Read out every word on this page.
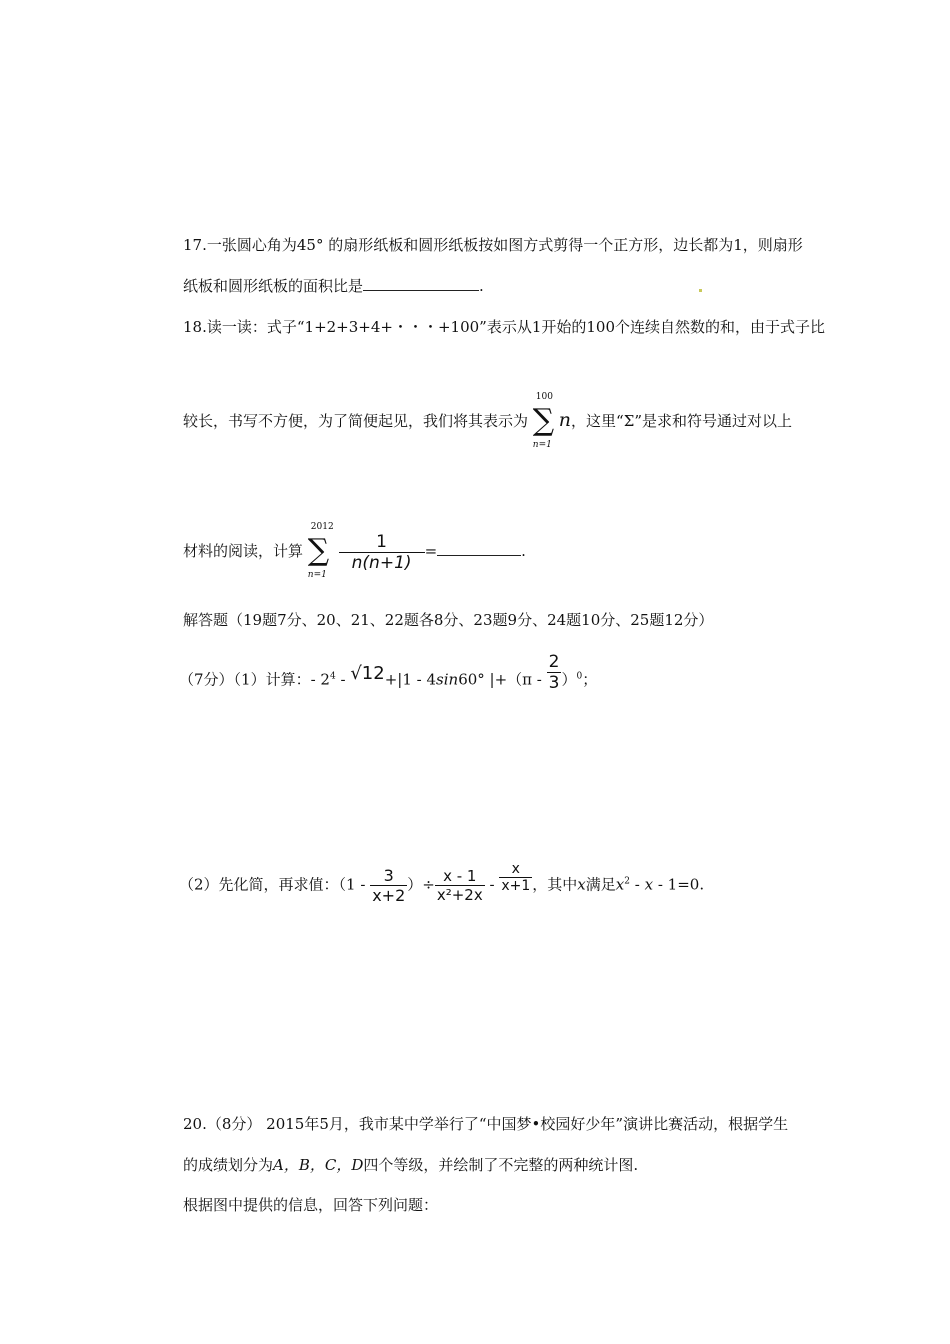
17.一张圆心角为45° 的扇形纸板和圆形纸板按如图方式剪得一个正方形，边长都为1，则扇形
纸板和圆形纸板的面积比是	.
18.读一读：式子“1+2+3+4+・・・+100”表示从1开始的100个连续自然数的和，由于式子比
较长，书写不方便，为了简便起见，我们将其表示为
100
∑
n=1
n，这里“Σ”是求和符号通过对以上
材料的阅读，计算
2012
∑
n=1

$\frac{1}{n(n+1)}$ =	.
解答题（19题7分、20、21、22题各8分、23题9分、24题10分、25题12分）
（7分）（1）计算：- $2^4 - √12+|1 - 4\sin 60^\circ$ $|+(\pi - \frac{2}{3} )^0$；
（2）先化简，再求值：（$1 - \frac{3}{x+2}$ ）÷ $\frac{x - 1}{\text{x²+2x}} - \frac{x}{x+1}$ ，其中x满足$x^2 - x - 1=0$.
20.（8分） 2015年5月，我市某中学举行了“中国梦•校园好少年”演讲比赛活动，根据学生
的成绩划分为A，B，C，D四个等级，并绘制了不完整的两种统计图.
根据图中提供的信息，回答下列问题：
